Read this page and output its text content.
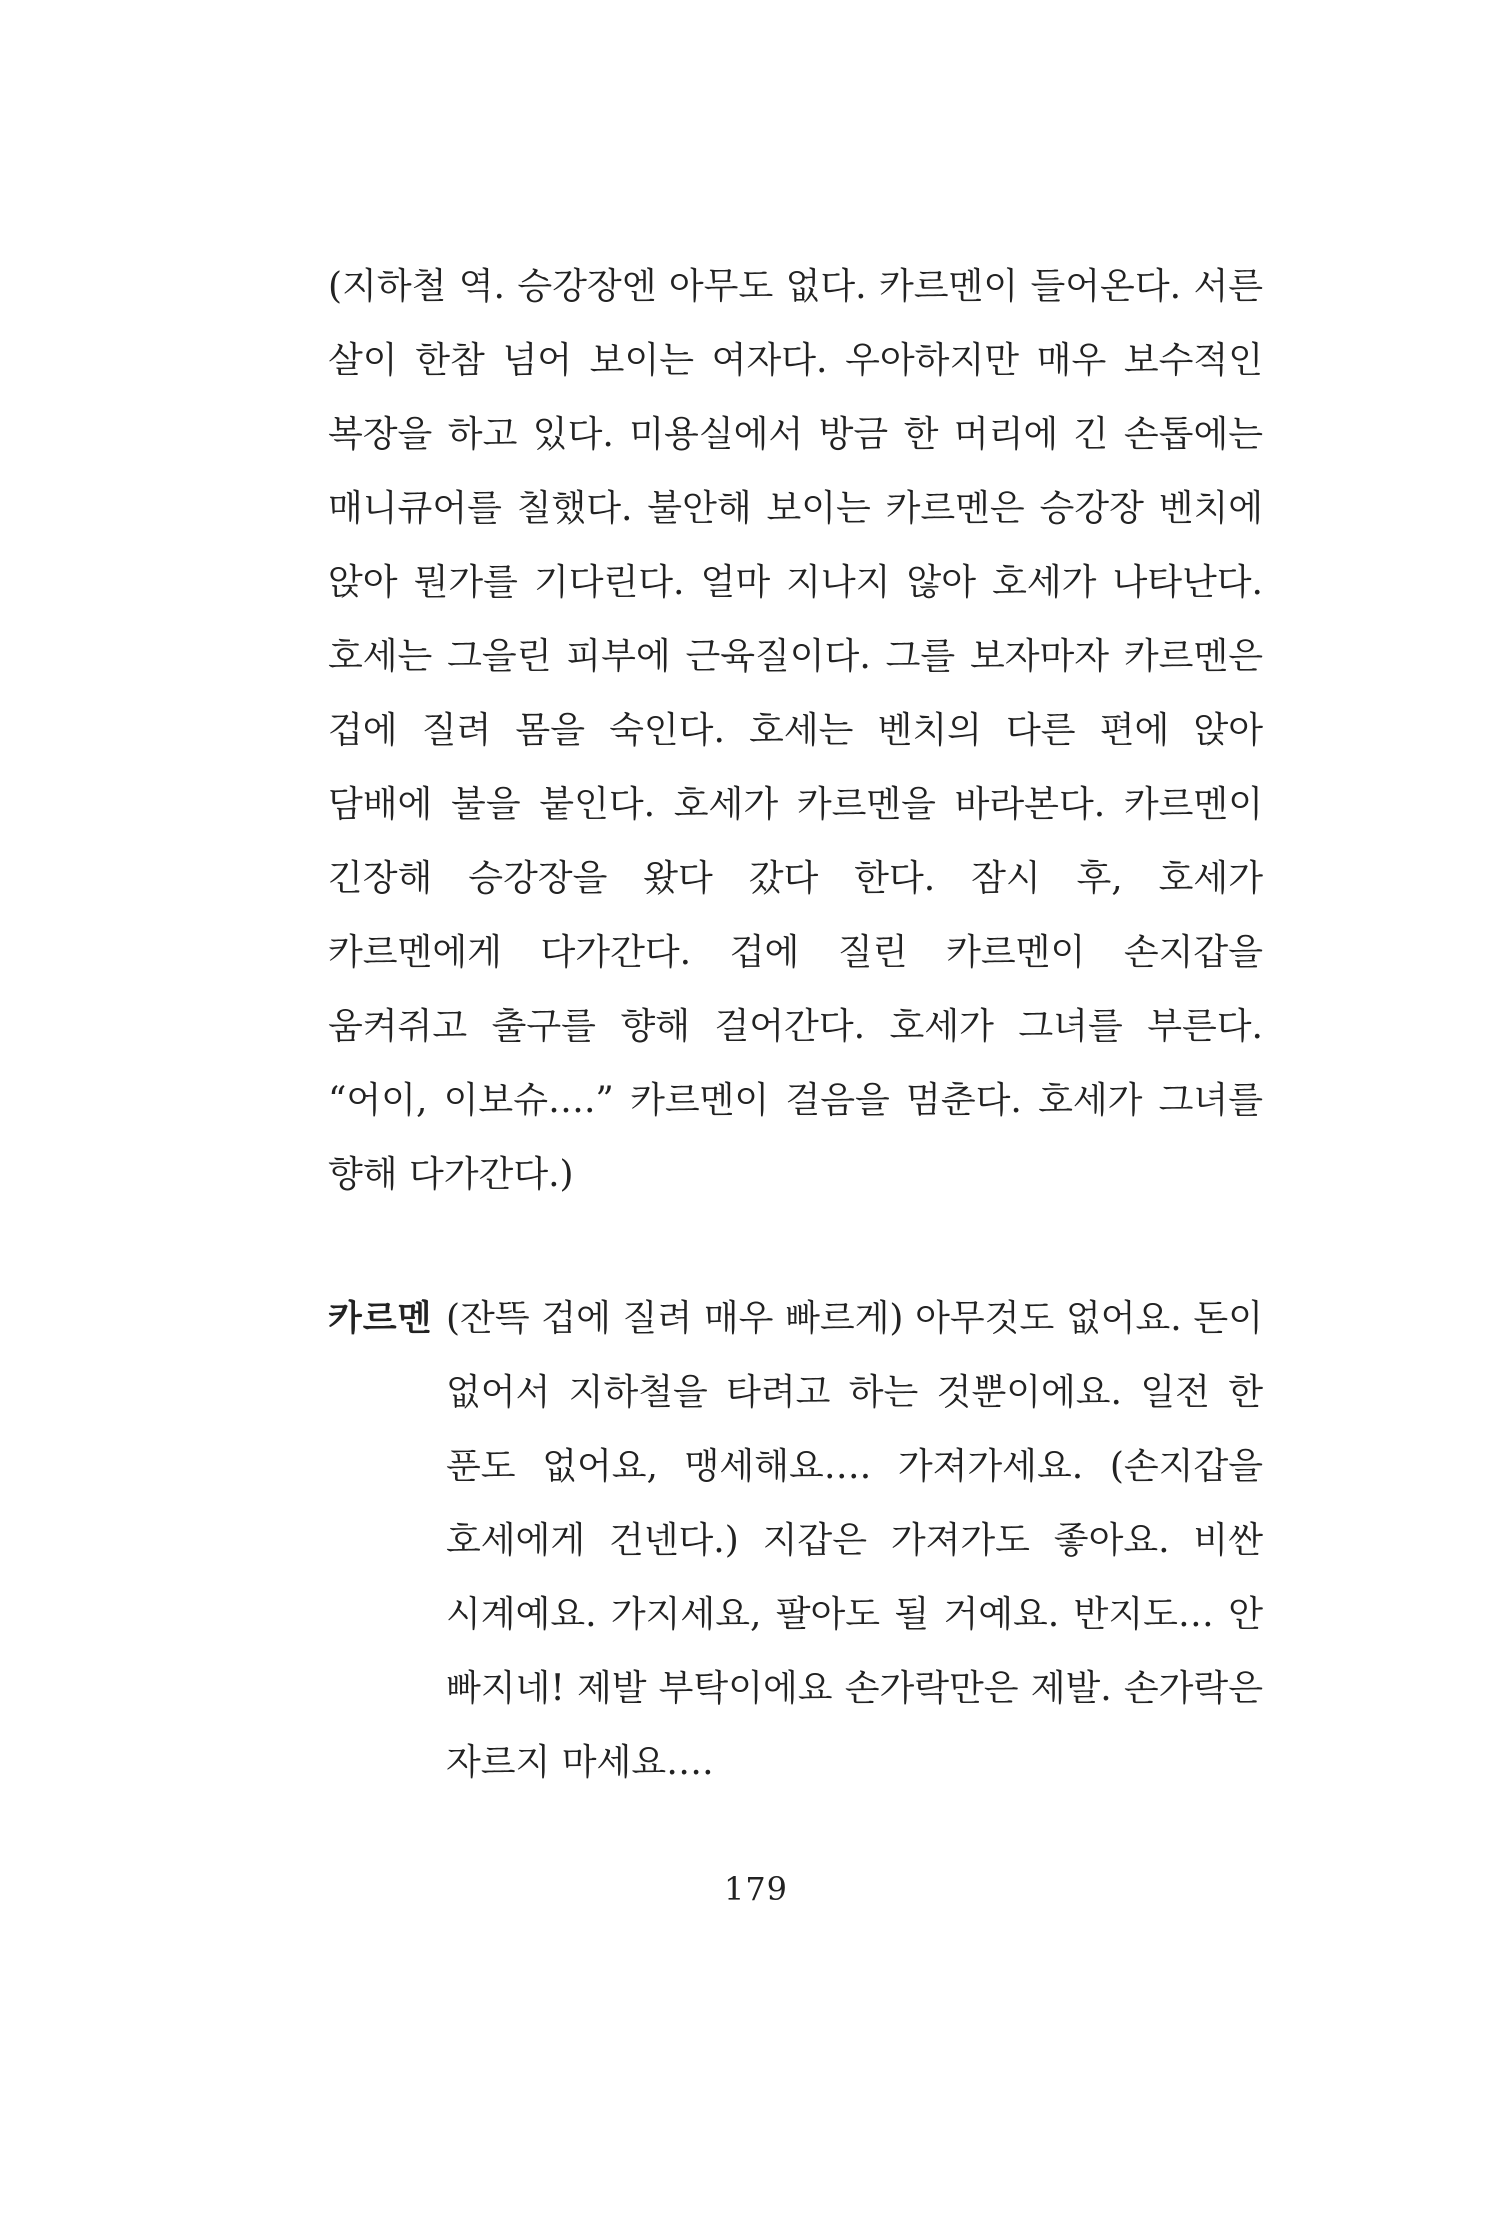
(지하철 역. 승강장엔 아무도 없다. 카르멘이 들어온다. 서른 살이 한참 넘어 보이는 여자다. 우아하지만 매우 보수적인 복장을 하고 있다. 미용실에서 방금 한 머리에 긴 손톱에는 매니큐어를 칠했다. 불안해 보이는 카르멘은 승강장 벤치에 앉아 뭔가를 기다린다. 얼마 지나지 않아 호세가 나타난다. 호세는 그을린 피부에 근육질이다. 그를 보자마자 카르멘은 겁에 질려 몸을 숙인다. 호세는 벤치의 다른 편에 앉아 담배에 불을 붙인다. 호세가 카르멘을 바라본다. 카르멘이 긴장해 승강장을 왔다 갔다 한다. 잠시 후, 호세가 카르멘에게 다가간다. 겁에 질린 카르멘이 손지갑을 움켜쥐고 출구를 향해 걸어간다. 호세가 그녀를 부른다. “어이, 이보슈….” 카르멘이 걸음을 멈춘다. 호세가 그녀를 향해 다가간다.)

카르멘 (잔뜩 겁에 질려 매우 빠르게) 아무것도 없어요. 돈이 없어서 지하철을 타려고 하는 것뿐이에요. 일전 한 푼도 없어요, 맹세해요…. 가져가세요. (손지갑을 호세에게 건넨다.) 지갑은 가져가도 좋아요. 비싼 시계예요. 가지세요, 팔아도 될 거예요. 반지도… 안 빠지네! 제발 부탁이에요 손가락만은 제발. 손가락은 자르지 마세요….

179
